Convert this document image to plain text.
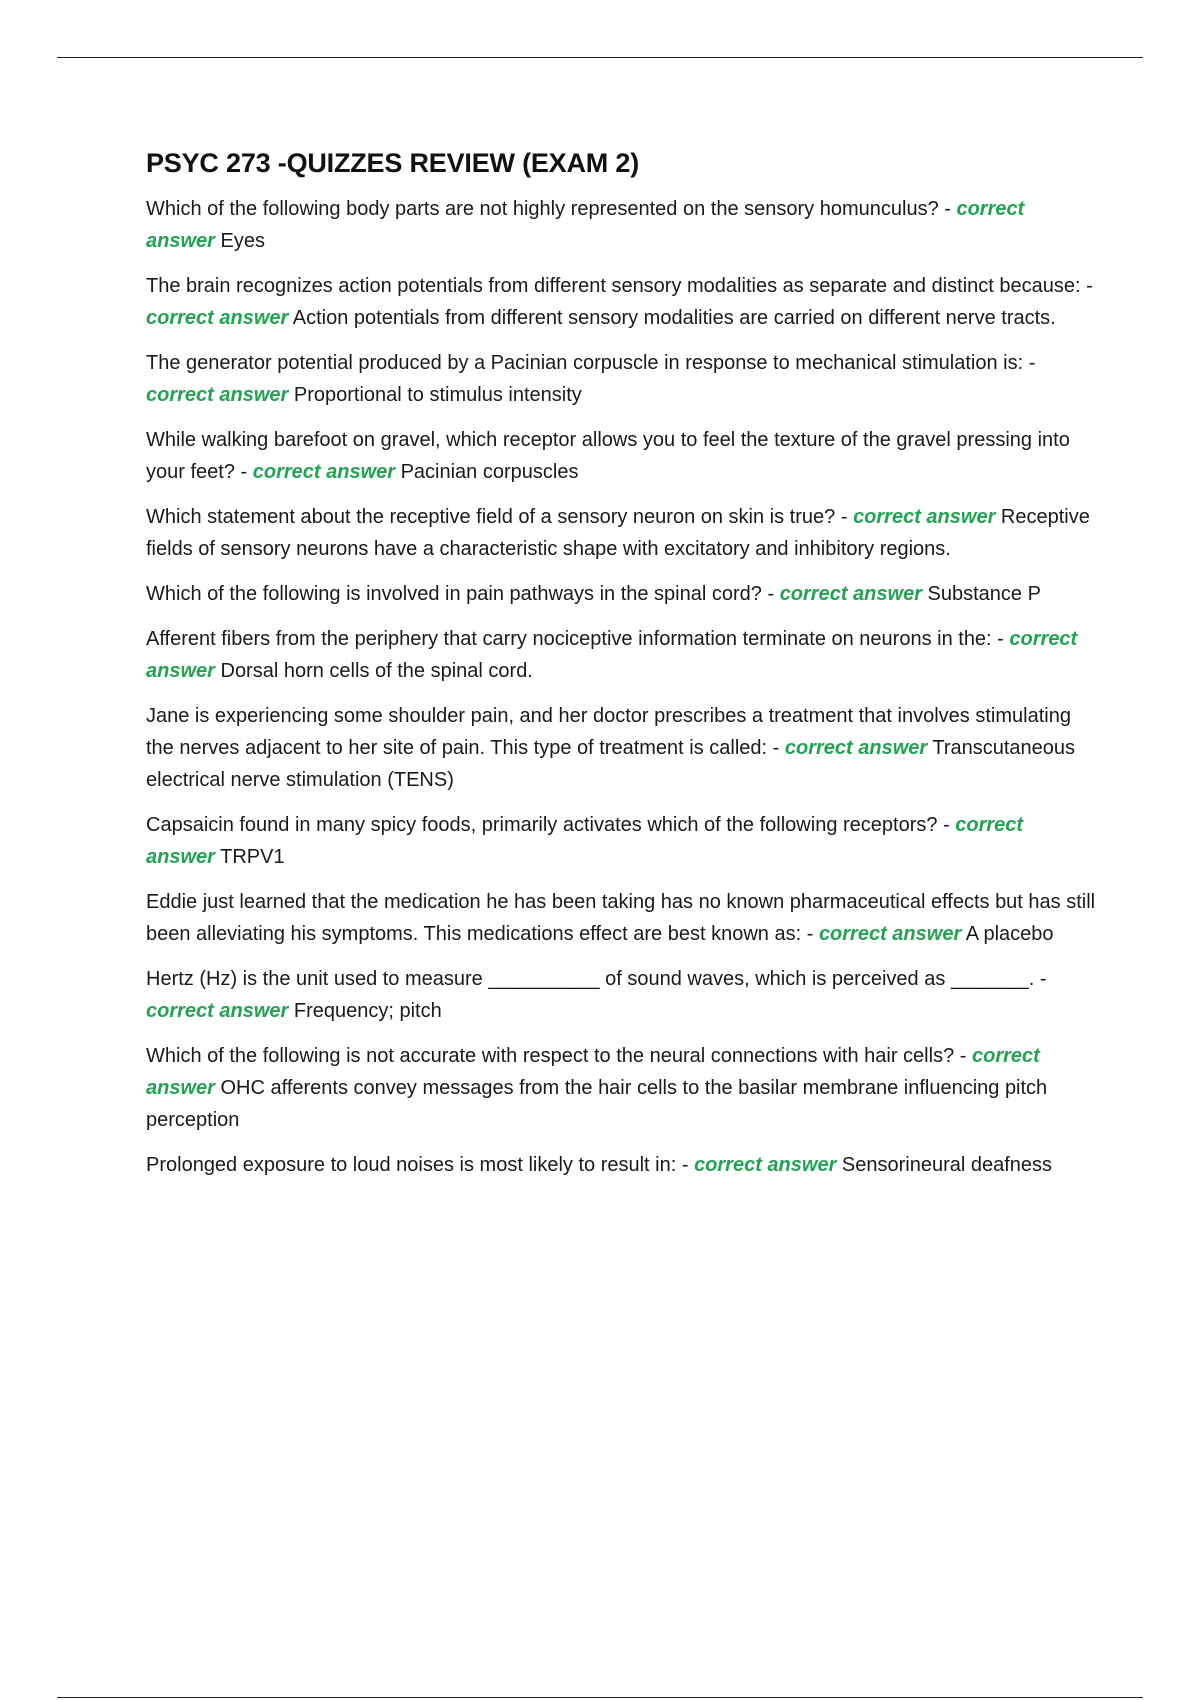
PSYC 273 -QUIZZES REVIEW (EXAM 2)

Which of the following body parts are not highly represented on the sensory homunculus? - correct answer Eyes

The brain recognizes action potentials from different sensory modalities as separate and distinct because: - correct answer Action potentials from different sensory modalities are carried on different nerve tracts.

The generator potential produced by a Pacinian corpuscle in response to mechanical stimulation is: - correct answer Proportional to stimulus intensity

While walking barefoot on gravel, which receptor allows you to feel the texture of the gravel pressing into your feet? - correct answer Pacinian corpuscles

Which statement about the receptive field of a sensory neuron on skin is true? - correct answer Receptive fields of sensory neurons have a characteristic shape with excitatory and inhibitory regions.

Which of the following is involved in pain pathways in the spinal cord? - correct answer Substance P

Afferent fibers from the periphery that carry nociceptive information terminate on neurons in the: - correct answer Dorsal horn cells of the spinal cord.

Jane is experiencing some shoulder pain, and her doctor prescribes a treatment that involves stimulating the nerves adjacent to her site of pain. This type of treatment is called: - correct answer Transcutaneous electrical nerve stimulation (TENS)

Capsaicin found in many spicy foods, primarily activates which of the following receptors? - correct answer TRPV1

Eddie just learned that the medication he has been taking has no known pharmaceutical effects but has still been alleviating his symptoms. This medications effect are best known as: - correct answer A placebo

Hertz (Hz) is the unit used to measure __________ of sound waves, which is perceived as _______. - correct answer Frequency; pitch

Which of the following is not accurate with respect to the neural connections with hair cells? - correct answer OHC afferents convey messages from the hair cells to the basilar membrane influencing pitch perception

Prolonged exposure to loud noises is most likely to result in: - correct answer Sensorineural deafness
